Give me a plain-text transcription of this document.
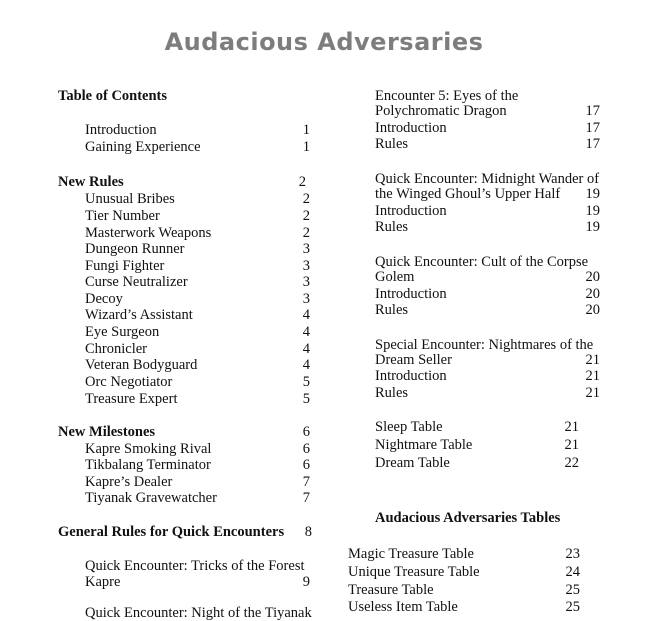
Audacious Adversaries
Table of Contents
Introduction	1
Gaining Experience	1
New Rules	2
Unusual Bribes	2
Tier Number	2
Masterwork Weapons	2
Dungeon Runner	3
Fungi Fighter	3
Curse Neutralizer	3
Decoy	3
Wizard’s Assistant	4
Eye Surgeon	4
Chronicler	4
Veteran Bodyguard	4
Orc Negotiator	5
Treasure Expert	5
New Milestones	6
Kapre Smoking Rival	6
Tikbalang Terminator	6
Kapre’s Dealer	7
Tiyanak Gravewatcher	7
General Rules for Quick Encounters	8
Quick Encounter: Tricks of the Forest
Kapre	9
Quick Encounter: Night of the Tiyanak
Encounter 5: Eyes of the
Polychromatic Dragon	17
Introduction	17
Rules	17
Quick Encounter: Midnight Wander of
the Winged Ghoul’s Upper Half	19
Introduction	19
Rules	19
Quick Encounter: Cult of the Corpse
Golem	20
Introduction	20
Rules	20
Special Encounter: Nightmares of the
Dream Seller	21
Introduction	21
Rules	21
Sleep Table	21
Nightmare Table	21
Dream Table	22
Audacious Adversaries Tables
Magic Treasure Table	23
Unique Treasure Table	24
Treasure Table	25
Useless Item Table	25
